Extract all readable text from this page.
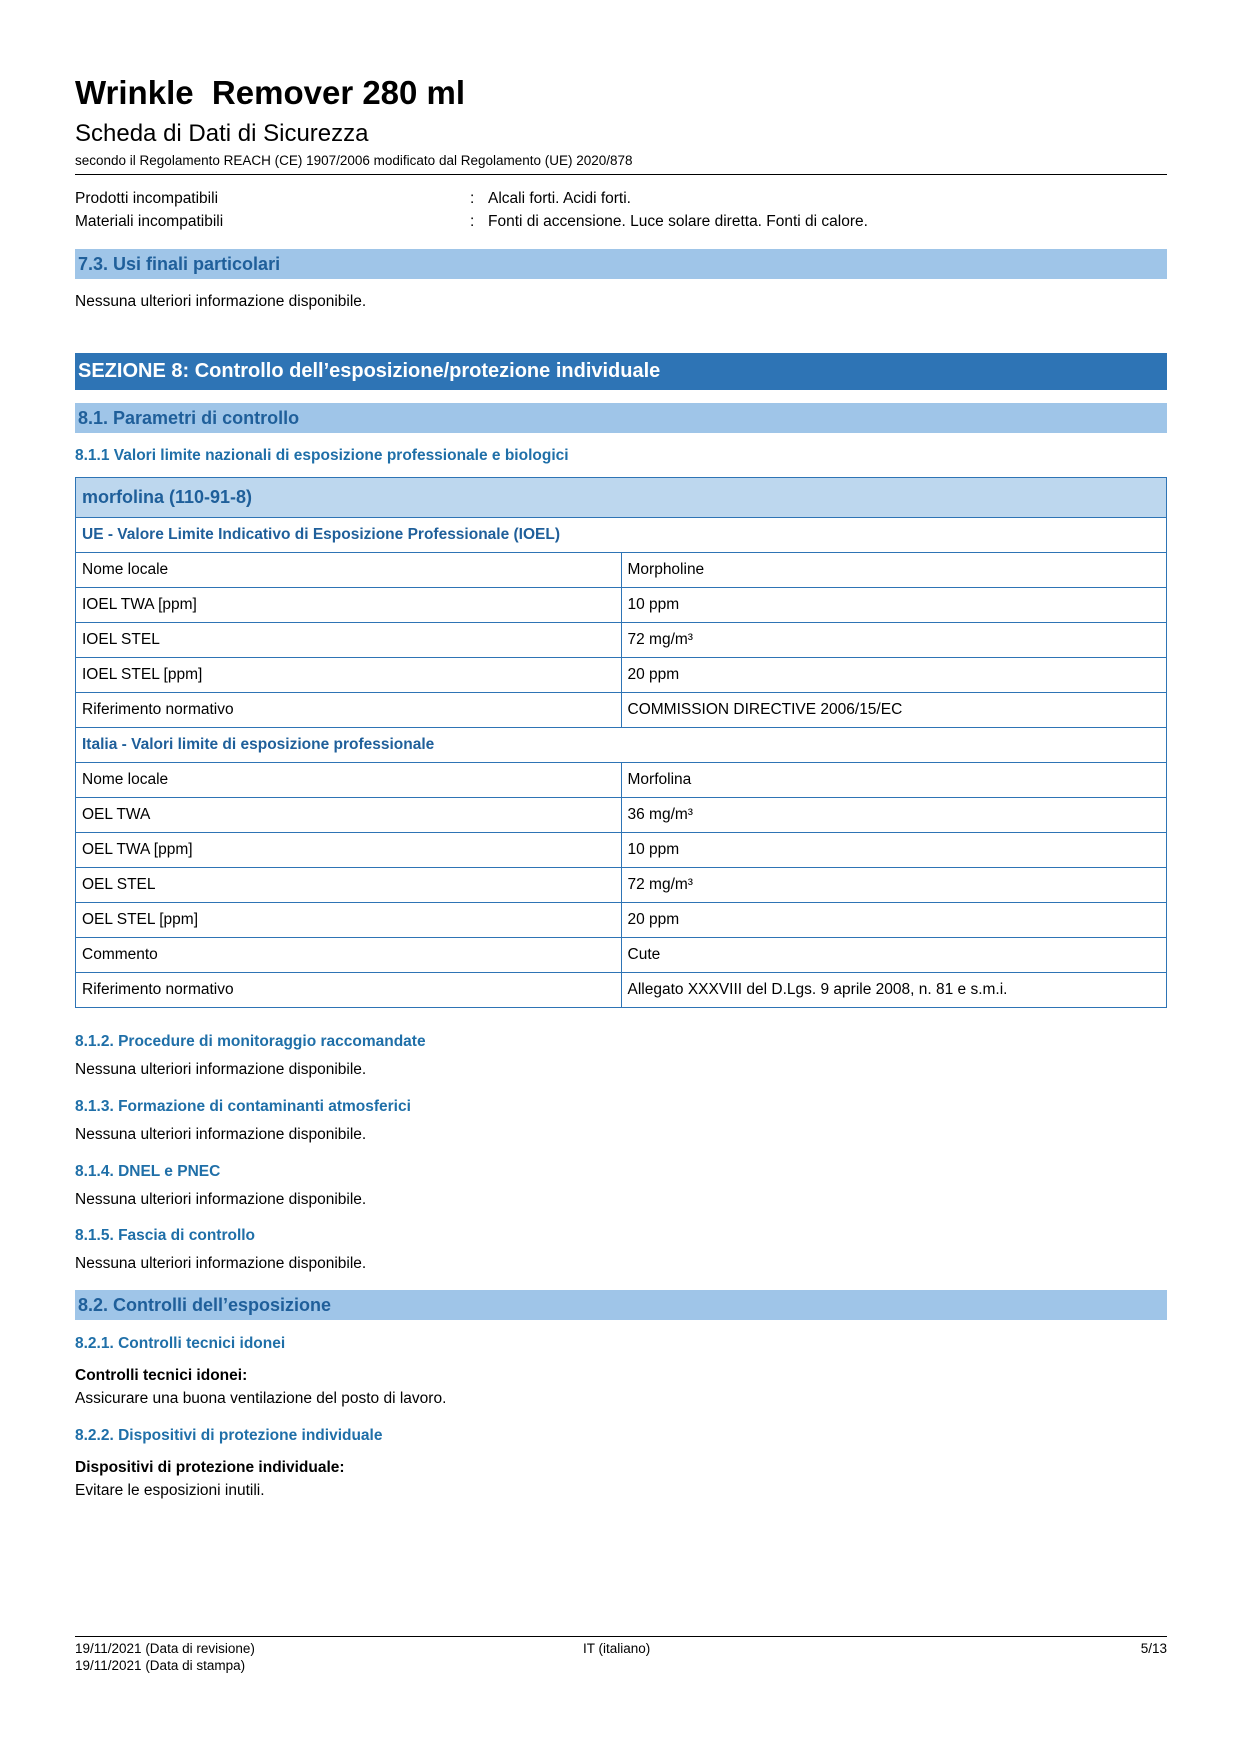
Wrinkle  Remover 280 ml
Scheda di Dati di Sicurezza
secondo il Regolamento REACH (CE) 1907/2006 modificato dal Regolamento (UE) 2020/878
Prodotti incompatibili	: Alcali forti. Acidi forti.
Materiali incompatibili	: Fonti di accensione. Luce solare diretta. Fonti di calore.
7.3. Usi finali particolari
Nessuna ulteriori informazione disponibile.
SEZIONE 8: Controllo dell’esposizione/protezione individuale
8.1. Parametri di controllo
8.1.1 Valori limite nazionali di esposizione professionale e biologici
morfolina (110-91-8)	
UE - Valore Limite Indicativo di Esposizione Professionale (IOEL)	
Nome locale	Morpholine
IOEL TWA [ppm]	10 ppm
IOEL STEL	72 mg/m³
IOEL STEL [ppm]	20 ppm
Riferimento normativo	COMMISSION DIRECTIVE 2006/15/EC
Italia - Valori limite di esposizione professionale	
Nome locale	Morfolina
OEL TWA	36 mg/m³
OEL TWA [ppm]	10 ppm
OEL STEL	72 mg/m³
OEL STEL [ppm]	20 ppm
Commento	Cute
Riferimento normativo	Allegato XXXVIII del D.Lgs. 9 aprile 2008, n. 81 e s.m.i.
8.1.2. Procedure di monitoraggio raccomandate
Nessuna ulteriori informazione disponibile.
8.1.3. Formazione di contaminanti atmosferici
Nessuna ulteriori informazione disponibile.
8.1.4. DNEL e PNEC
Nessuna ulteriori informazione disponibile.
8.1.5. Fascia di controllo
Nessuna ulteriori informazione disponibile.
8.2. Controlli dell’esposizione
8.2.1. Controlli tecnici idonei
Controlli tecnici idonei:
Assicurare una buona ventilazione del posto di lavoro.
8.2.2. Dispositivi di protezione individuale
Dispositivi di protezione individuale:
Evitare le esposizioni inutili.
19/11/2021 (Data di revisione)
19/11/2021 (Data di stampa)
IT (italiano)	5/13
